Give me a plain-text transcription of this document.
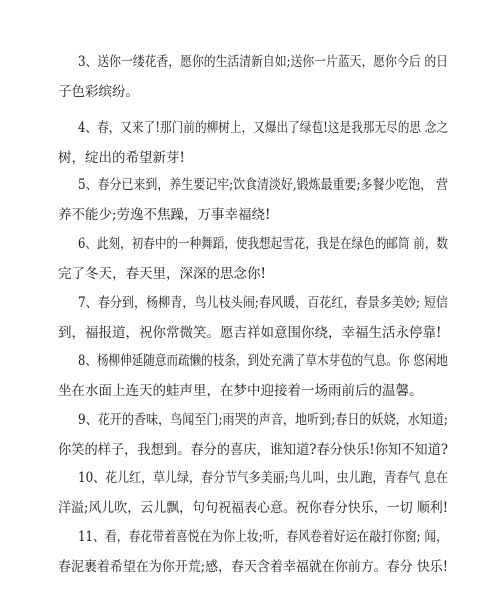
3、送你一缕花香，愿你的生活清新自如;送你一片蓝天，愿你今后 的日
子色彩缤纷。

4、春，又来了!那门前的柳树上，又爆出了绿苞!这是我那无尽的思 念之
树，绽出的希望新芽!

5、春分已来到，养生要记牢;饮食清淡好,锻炼最重要;多餐少吃饱， 营
养不能少;劳逸不焦躁，万事幸福绕!

6、此刻，初春中的一种舞蹈，使我想起雪花，我是在绿色的邮筒 前，数
完了冬天，春天里，深深的思念你!

7、春分到，杨柳青，鸟儿枝头闹;春风暖，百花红，春景多美妙; 短信
到，福报道，祝你常微笑。愿吉祥如意围你绕，幸福生活永停靠!

8、杨柳伸延随意而疏懒的枝条，到处充满了草木芽苞的气息。你 悠闲地
坐在水面上连天的蛙声里，在梦中迎接着一场雨前后的温馨。

9、花开的香味，鸟闻至门;雨哭的声音，地听到;春日的妖娆，水知道;
你笑的样子，我想到。春分的喜庆，谁知道?春分快乐!你知不知道?

10、花儿红，草儿绿，春分节气多美丽;鸟儿叫，虫儿跑，青春气 息在
洋溢;风儿吹，云儿飘，句句祝福表心意。祝你春分快乐，一切 顺利!

11、看，春花带着喜悦在为你上妆;听，春风卷着好运在敲打你窗; 闻，
春泥裹着希望在为你开荒;感，春天含着幸福就在你前方。春分 快乐!
